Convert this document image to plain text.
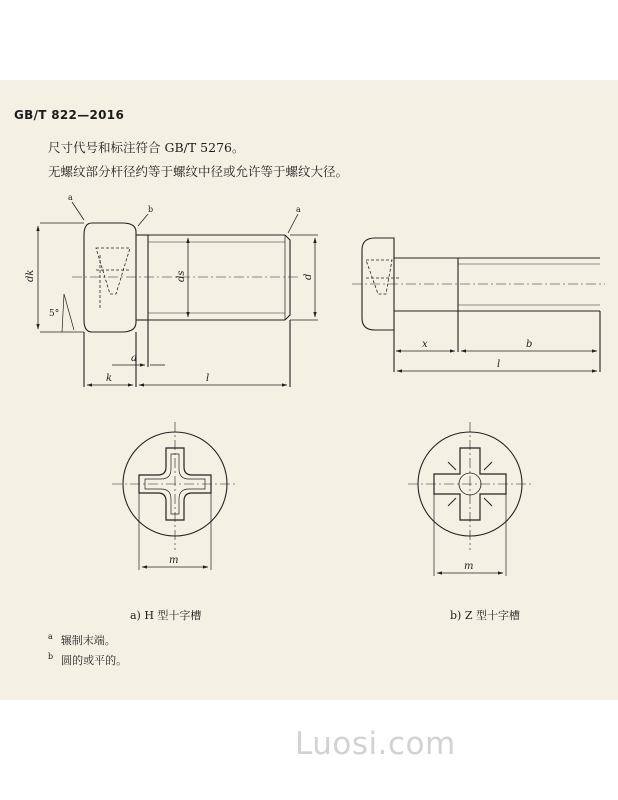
GB/T 822—2016
尺寸代号和标注符合 GB/T 5276。
无螺纹部分杆径约等于螺纹中径或允许等于螺纹大径。
a
b	a
dk	ds	d
5°
a
k	l
x	b
l
m
m
a) H 型十字槽	b) Z 型十字槽
$^a$ 辗制末端。
$^b$ 圆的或平的。
Luosi.com
